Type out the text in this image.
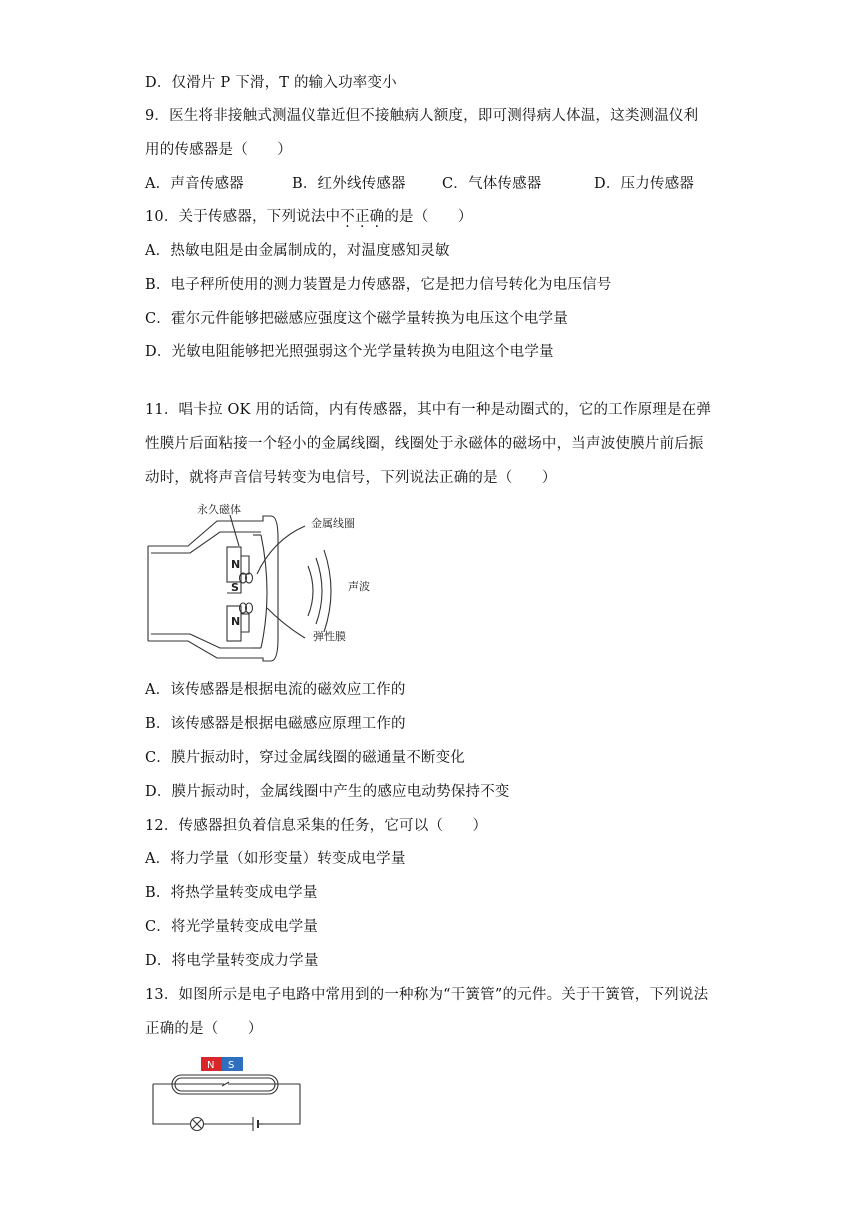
D．仅滑片 P 下滑，T 的输入功率变小
9．医生将非接触式测温仪靠近但不接触病人额度，即可测得病人体温，这类测温仪利
用的传感器是（　　）
A．声音传感器	B．红外线传感器 C．气体传感器	D．压力传感器
10．关于传感器，下列说法中不正确的是（　　）
A．热敏电阻是由金属制成的，对温度感知灵敏
B．电子秤所使用的测力装置是力传感器，它是把力信号转化为电压信号
C．霍尔元件能够把磁感应强度这个磁学量转换为电压这个电学量
D．光敏电阻能够把光照强弱这个光学量转换为电阻这个电学量
11．唱卡拉 OK 用的话筒，内有传感器，其中有一种是动圈式的，它的工作原理是在弹
性膜片后面粘接一个轻小的金属线圈，线圈处于永磁体的磁场中，当声波使膜片前后振
动时，就将声音信号转变为电信号，下列说法正确的是（　　）
永久磁体
金属线圈
声波
弹性膜
N
S
N
A．该传感器是根据电流的磁效应工作的
B．该传感器是根据电磁感应原理工作的
C．膜片振动时，穿过金属线圈的磁通量不断变化
D．膜片振动时，金属线圈中产生的感应电动势保持不变
12．传感器担负着信息采集的任务，它可以（　　）
A．将力学量（如形变量）转变成电学量
B．将热学量转变成电学量
C．将光学量转变成电学量
D．将电学量转变成力学量
13．如图所示是电子电路中常用到的一种称为“干簧管”的元件。关于干簧管，下列说法
正确的是（　　）
N S
